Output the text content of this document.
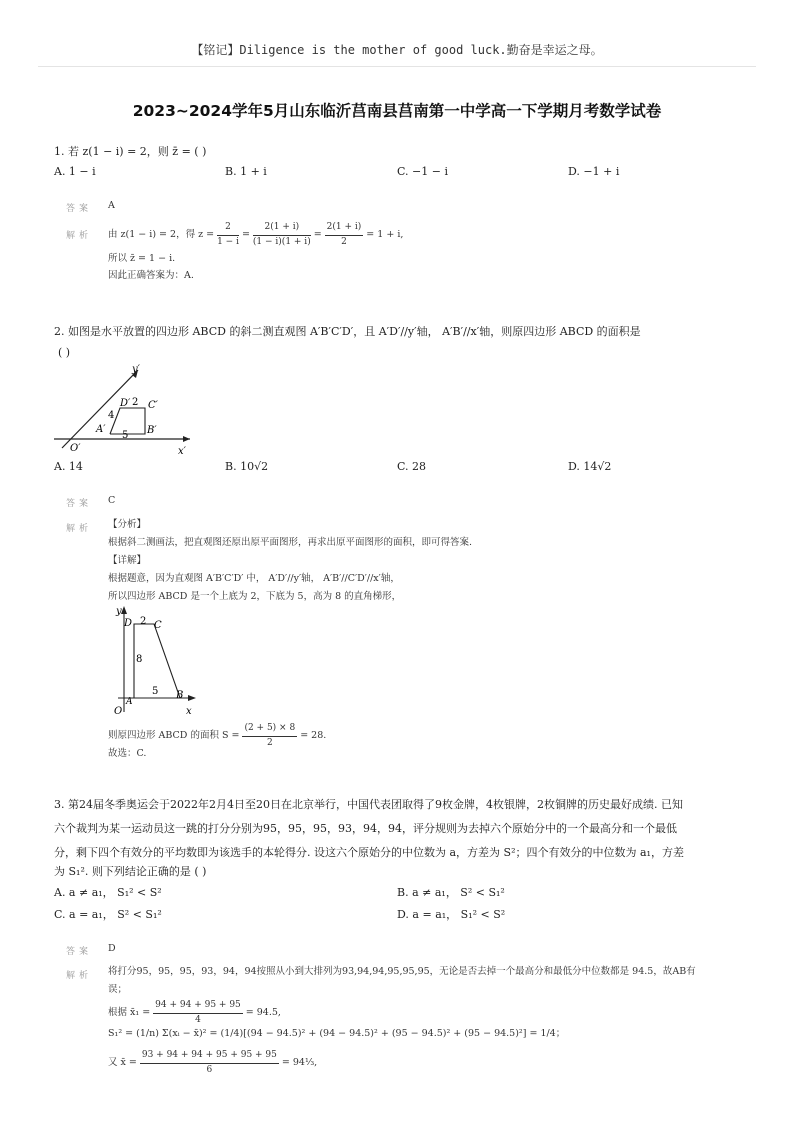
【铭记】Diligence is the mother of good luck.勤奋是幸运之母。
2023~2024学年5月山东临沂莒南县莒南第一中学高一下学期月考数学试卷
1. 若 z(1 − i) = 2，则 z̄ = ( )
A. 1 − i	B. 1 + i	C. −1 − i	D. −1 + i
答案 A
解析 由 z(1 − i) = 2，得 $z = \frac{2}{1 - i} = \frac{2(1 + i)}{(1 - i)(1 + i)} = \frac{2(1 + i)}{2} = 1 + i$,
所以 z̄ = 1 − i.
因此正确答案为：A.
2. 如图是水平放置的四边形 ABCD 的斜二测直观图 A′B′C′D′，且 A′D′//y′轴， A′B′//x′轴，则原四边形 ABCD 的面积是
( )
y′
x′
O′
A′	B′
C′
D′ 2
4
5
A. 14	B. 10√2	C. 28	D. 14√2
答案 C
解析 【分析】
根据斜二测画法，把直观图还原出原平面图形，再求出原平面图形的面积，即可得答案.
【详解】
根据题意，因为直观图 A′B′C′D′ 中， A′D′//y′轴， A′B′//C′D′//x′轴，
所以四边形 ABCD 是一个上底为 2，下底为 5，高为 8 的直角梯形，
y
x
O
A
B
C
D 2
8
5
则原四边形 ABCD 的面积 $S = \frac{(2 + 5) \times 8}{2} = 28$.
故选：C.
3. 第24届冬季奥运会于2022年2月4日至20日在北京举行，中国代表团取得了9枚金牌，4枚银牌，2枚铜牌的历史最好成绩. 已知
六个裁判为某一运动员这一跳的打分分别为95，95，95，93，94，94，评分规则为去掉六个原始分中的一个最高分和一个最低
分，剩下四个有效分的平均数即为该选手的本轮得分. 设这六个原始分的中位数为 a，方差为 S²；四个有效分的中位数为 a₁，方差
为 S₁². 则下列结论正确的是 ( )
A. a ≠ a₁， S₁² < S²	B. a ≠ a₁， S² < S₁²
C. a = a₁， S² < S₁²	D. a = a₁， S₁² < S²
答案 D
解析 将打分95，95，95，93，94，94按照从小到大排列为93,94,94,95,95,95，无论是否去掉一个最高分和最低分中位数都是 94.5，故AB有
误；
根据 x̄₁ = $\frac{94 + 94 + 95 + 95}{4} = 94.5$,
S₁² = (1/n) Σ(xᵢ − x̄)² = (1/4)[(94 − 94.5)² + (94 − 94.5)² + (95 − 94.5)² + (95 − 94.5)²] = 1/4；
又 x̄ = $\frac{93 + 94 + 94 + 95 + 95 + 95}{6}$ = 94⅓,
